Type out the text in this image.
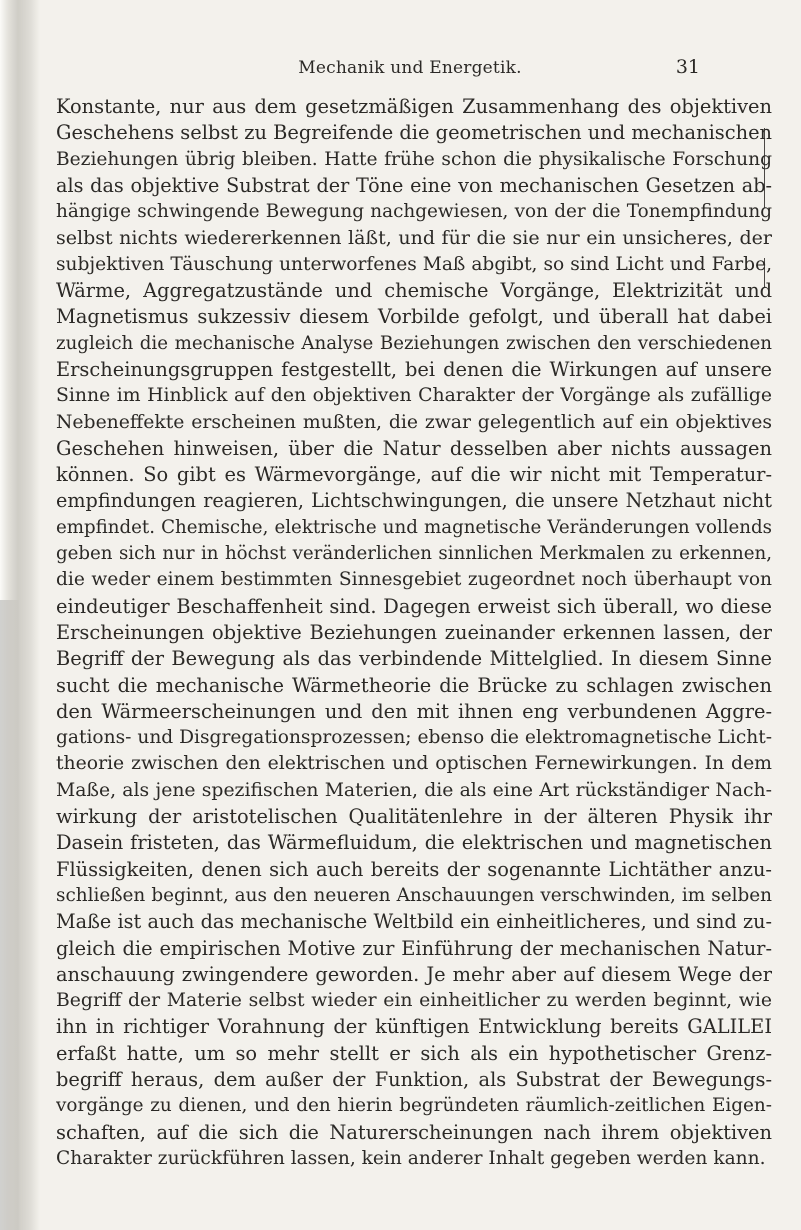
Mechanik und Energetik.	31
Konstante, nur aus dem gesetzmäßigen Zusammenhang des objektiven
Geschehens selbst zu Begreifende die geometrischen und mechanischen
Beziehungen übrig bleiben. Hatte frühe schon die physikalische Forschung
als das objektive Substrat der Töne eine von mechanischen Gesetzen ab-
hängige schwingende Bewegung nachgewiesen, von der die Tonempfindung
selbst nichts wiedererkennen läßt, und für die sie nur ein unsicheres, der
subjektiven Täuschung unterworfenes Maß abgibt, so sind Licht und Farbe,
Wärme, Aggregatzustände und chemische Vorgänge, Elektrizität und
Magnetismus sukzessiv diesem Vorbilde gefolgt, und überall hat dabei
zugleich die mechanische Analyse Beziehungen zwischen den verschiedenen
Erscheinungsgruppen festgestellt, bei denen die Wirkungen auf unsere
Sinne im Hinblick auf den objektiven Charakter der Vorgänge als zufällige
Nebeneffekte erscheinen mußten, die zwar gelegentlich auf ein objektives
Geschehen hinweisen, über die Natur desselben aber nichts aussagen
können. So gibt es Wärmevorgänge, auf die wir nicht mit Temperatur-
empfindungen reagieren, Lichtschwingungen, die unsere Netzhaut nicht
empfindet. Chemische, elektrische und magnetische Veränderungen vollends
geben sich nur in höchst veränderlichen sinnlichen Merkmalen zu erkennen,
die weder einem bestimmten Sinnesgebiet zugeordnet noch überhaupt von
eindeutiger Beschaffenheit sind. Dagegen erweist sich überall, wo diese
Erscheinungen objektive Beziehungen zueinander erkennen lassen, der
Begriff der Bewegung als das verbindende Mittelglied. In diesem Sinne
sucht die mechanische Wärmetheorie die Brücke zu schlagen zwischen
den Wärmeerscheinungen und den mit ihnen eng verbundenen Aggre-
gations- und Disgregationsprozessen; ebenso die elektromagnetische Licht-
theorie zwischen den elektrischen und optischen Fernewirkungen. In dem
Maße, als jene spezifischen Materien, die als eine Art rückständiger Nach-
wirkung der aristotelischen Qualitätenlehre in der älteren Physik ihr
Dasein fristeten, das Wärmefluidum, die elektrischen und magnetischen
Flüssigkeiten, denen sich auch bereits der sogenannte Lichtäther anzu-
schließen beginnt, aus den neueren Anschauungen verschwinden, im selben
Maße ist auch das mechanische Weltbild ein einheitlicheres, und sind zu-
gleich die empirischen Motive zur Einführung der mechanischen Natur-
anschauung zwingendere geworden. Je mehr aber auf diesem Wege der
Begriff der Materie selbst wieder ein einheitlicher zu werden beginnt, wie
ihn in richtiger Vorahnung der künftigen Entwicklung bereits GALILEI
erfaßt hatte, um so mehr stellt er sich als ein hypothetischer Grenz-
begriff heraus, dem außer der Funktion, als Substrat der Bewegungs-
vorgänge zu dienen, und den hierin begründeten räumlich-zeitlichen Eigen-
schaften, auf die sich die Naturerscheinungen nach ihrem objektiven
Charakter zurückführen lassen, kein anderer Inhalt gegeben werden kann.
